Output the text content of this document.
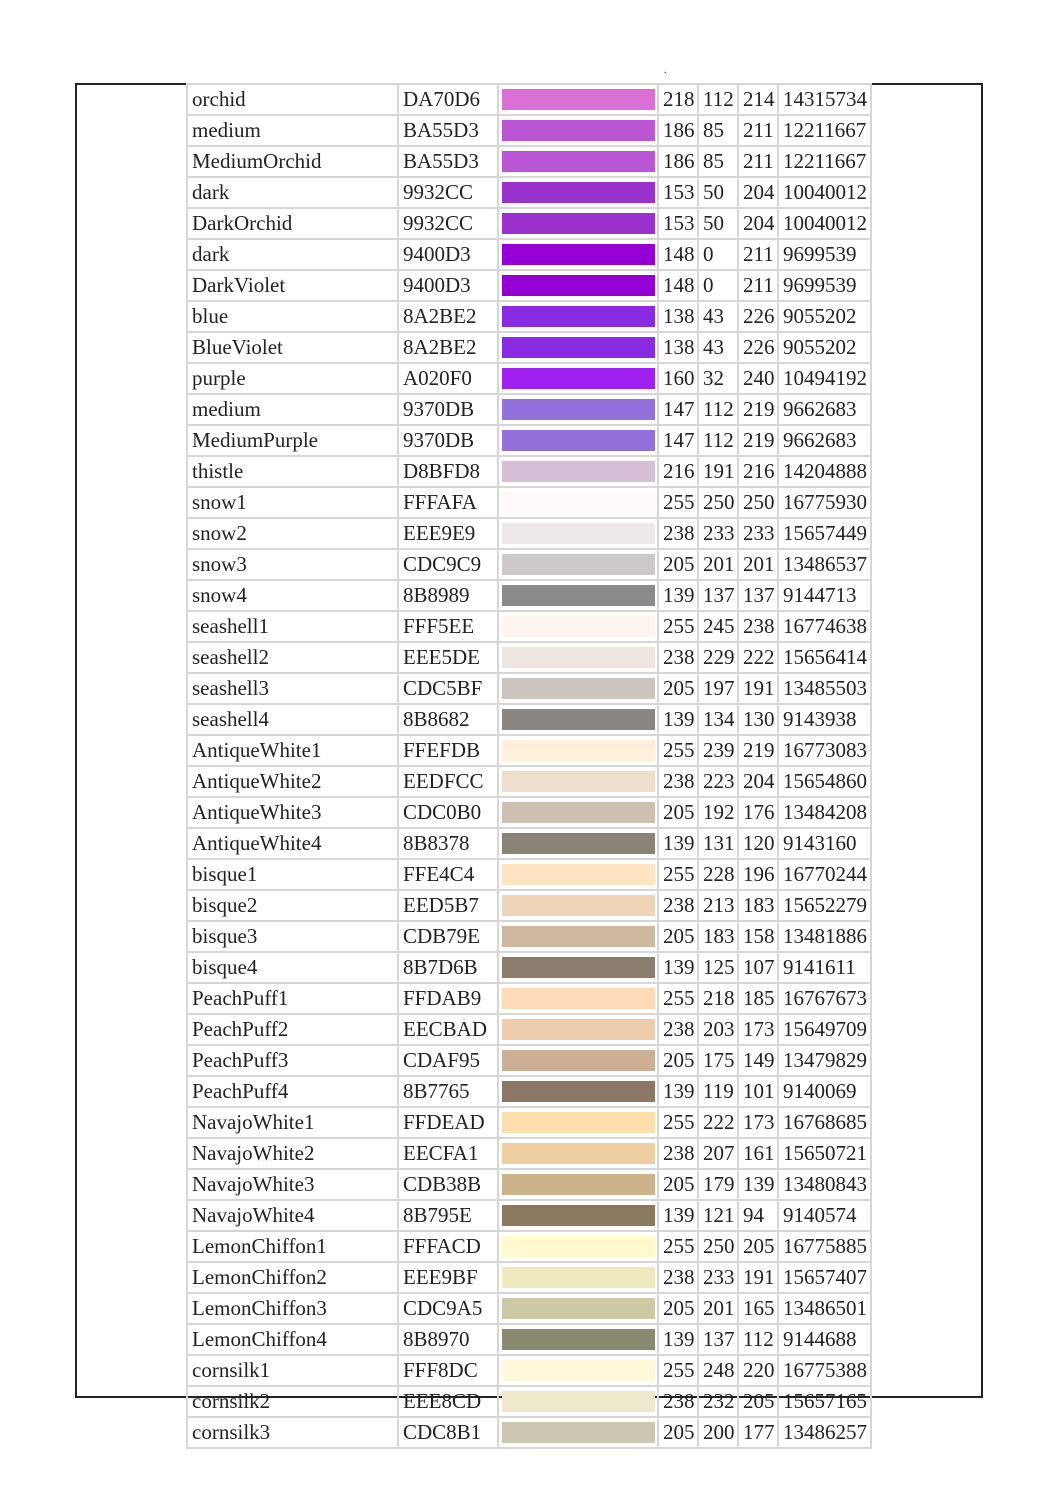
.
orchid	DA70D6		218	112	214	14315734
medium	BA55D3		186	85	211	12211667
MediumOrchid	BA55D3		186	85	211	12211667
dark	9932CC		153	50	204	10040012
DarkOrchid	9932CC		153	50	204	10040012
dark	9400D3		148	0	211	9699539
DarkViolet	9400D3		148	0	211	9699539
blue	8A2BE2		138	43	226	9055202
BlueViolet	8A2BE2		138	43	226	9055202
purple	A020F0		160	32	240	10494192
medium	9370DB		147	112	219	9662683
MediumPurple	9370DB		147	112	219	9662683
thistle	D8BFD8		216	191	216	14204888
snow1	FFFAFA		255	250	250	16775930
snow2	EEE9E9		238	233	233	15657449
snow3	CDC9C9		205	201	201	13486537
snow4	8B8989		139	137	137	9144713
seashell1	FFF5EE		255	245	238	16774638
seashell2	EEE5DE		238	229	222	15656414
seashell3	CDC5BF		205	197	191	13485503
seashell4	8B8682		139	134	130	9143938
AntiqueWhite1	FFEFDB		255	239	219	16773083
AntiqueWhite2	EEDFCC		238	223	204	15654860
AntiqueWhite3	CDC0B0		205	192	176	13484208
AntiqueWhite4	8B8378		139	131	120	9143160
bisque1	FFE4C4		255	228	196	16770244
bisque2	EED5B7		238	213	183	15652279
bisque3	CDB79E		205	183	158	13481886
bisque4	8B7D6B		139	125	107	9141611
PeachPuff1	FFDAB9		255	218	185	16767673
PeachPuff2	EECBAD		238	203	173	15649709
PeachPuff3	CDAF95		205	175	149	13479829
PeachPuff4	8B7765		139	119	101	9140069
NavajoWhite1	FFDEAD		255	222	173	16768685
NavajoWhite2	EECFA1		238	207	161	15650721
NavajoWhite3	CDB38B		205	179	139	13480843
NavajoWhite4	8B795E		139	121	94	9140574
LemonChiffon1	FFFACD		255	250	205	16775885
LemonChiffon2	EEE9BF		238	233	191	15657407
LemonChiffon3	CDC9A5		205	201	165	13486501
LemonChiffon4	8B8970		139	137	112	9144688
cornsilk1	FFF8DC		255	248	220	16775388
cornsilk2	EEE8CD		238	232	205	15657165
cornsilk3	CDC8B1		205	200	177	13486257
